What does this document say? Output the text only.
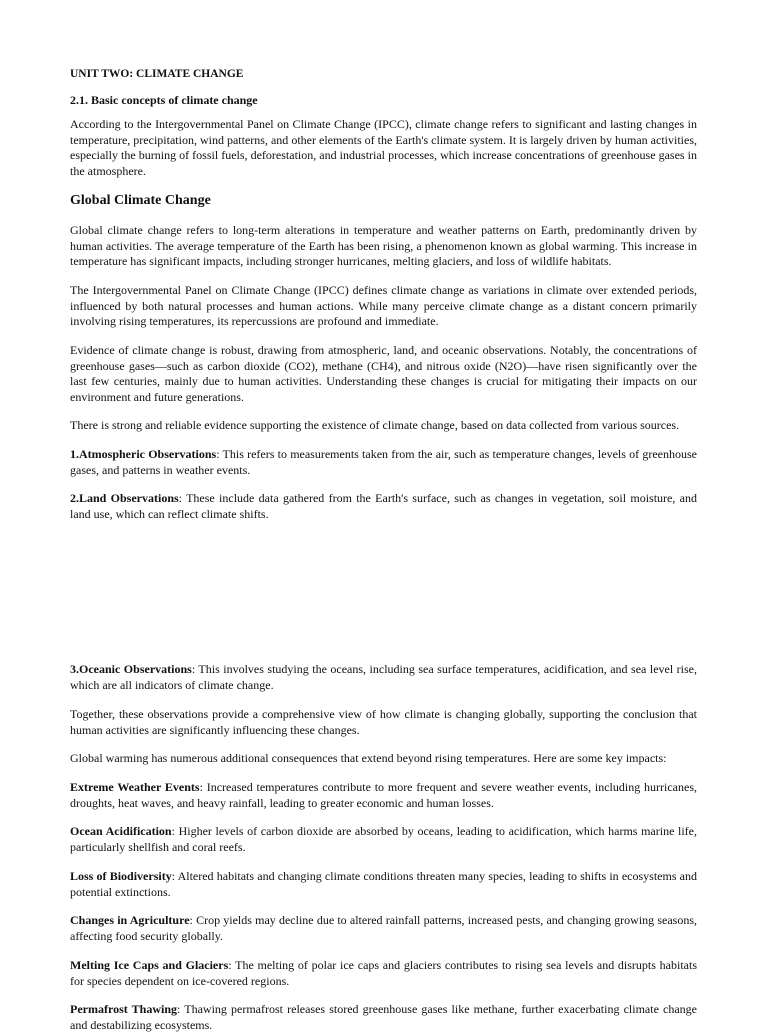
UNIT TWO: CLIMATE CHANGE

2.1. Basic concepts of climate change

According to the Intergovernmental Panel on Climate Change (IPCC), climate change refers to significant and lasting changes in temperature, precipitation, wind patterns, and other elements of the Earth's climate system. It is largely driven by human activities, especially the burning of fossil fuels, deforestation, and industrial processes, which increase concentrations of greenhouse gases in the atmosphere.

Global Climate Change

Global climate change refers to long-term alterations in temperature and weather patterns on Earth, predominantly driven by human activities. The average temperature of the Earth has been rising, a phenomenon known as global warming. This increase in temperature has significant impacts, including stronger hurricanes, melting glaciers, and loss of wildlife habitats.

The Intergovernmental Panel on Climate Change (IPCC) defines climate change as variations in climate over extended periods, influenced by both natural processes and human actions. While many perceive climate change as a distant concern primarily involving rising temperatures, its repercussions are profound and immediate.

Evidence of climate change is robust, drawing from atmospheric, land, and oceanic observations. Notably, the concentrations of greenhouse gases—such as carbon dioxide (CO2), methane (CH4), and nitrous oxide (N2O)—have risen significantly over the last few centuries, mainly due to human activities. Understanding these changes is crucial for mitigating their impacts on our environment and future generations.

There is strong and reliable evidence supporting the existence of climate change, based on data collected from various sources.

1.Atmospheric Observations: This refers to measurements taken from the air, such as temperature changes, levels of greenhouse gases, and patterns in weather events.

2.Land Observations: These include data gathered from the Earth's surface, such as changes in vegetation, soil moisture, and land use, which can reflect climate shifts.

3.Oceanic Observations: This involves studying the oceans, including sea surface temperatures, acidification, and sea level rise, which are all indicators of climate change.

Together, these observations provide a comprehensive view of how climate is changing globally, supporting the conclusion that human activities are significantly influencing these changes.

Global warming has numerous additional consequences that extend beyond rising temperatures. Here are some key impacts:

Extreme Weather Events: Increased temperatures contribute to more frequent and severe weather events, including hurricanes, droughts, heat waves, and heavy rainfall, leading to greater economic and human losses.

Ocean Acidification: Higher levels of carbon dioxide are absorbed by oceans, leading to acidification, which harms marine life, particularly shellfish and coral reefs.

Loss of Biodiversity: Altered habitats and changing climate conditions threaten many species, leading to shifts in ecosystems and potential extinctions.

Changes in Agriculture: Crop yields may decline due to altered rainfall patterns, increased pests, and changing growing seasons, affecting food security globally.

Melting Ice Caps and Glaciers: The melting of polar ice caps and glaciers contributes to rising sea levels and disrupts habitats for species dependent on ice-covered regions.

Permafrost Thawing: Thawing permafrost releases stored greenhouse gases like methane, further exacerbating climate change and destabilizing ecosystems.
